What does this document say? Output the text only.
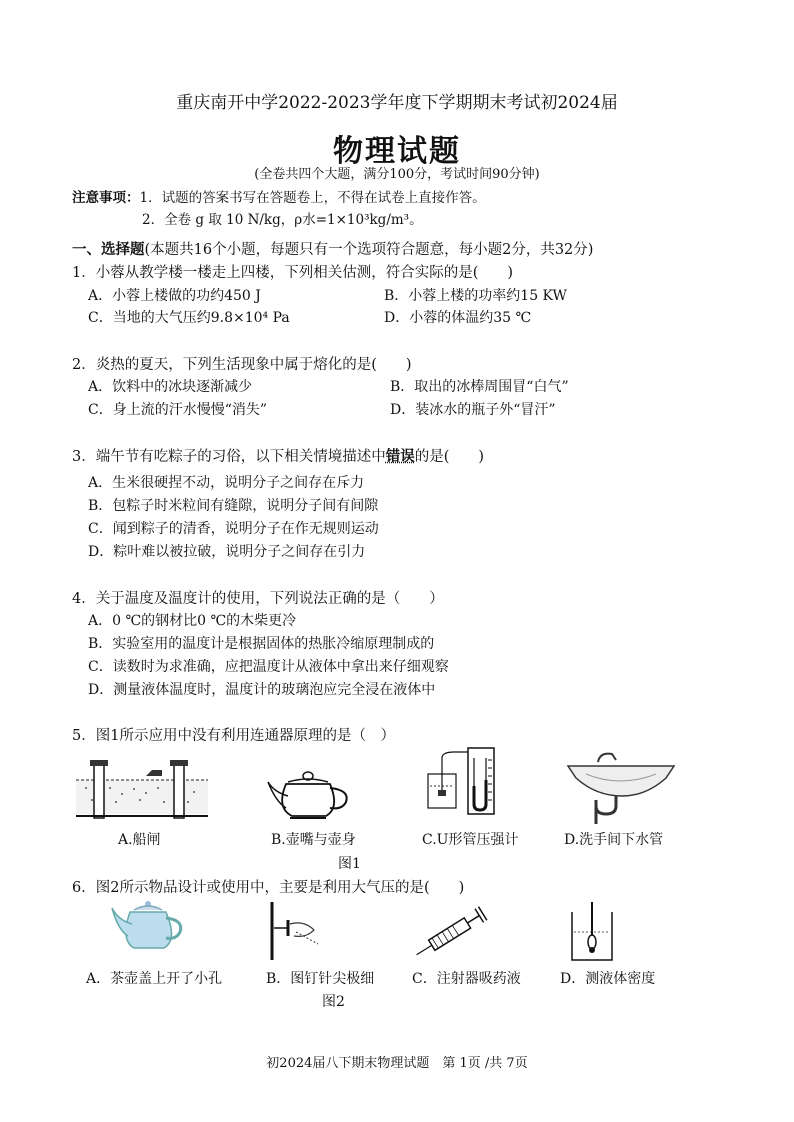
重庆南开中学2022-2023学年度下学期期末考试初2024届
物理试题
(全卷共四个大题，满分100分，考试时间90分钟)
注意事项：1．试题的答案书写在答题卷上，不得在试卷上直接作答。
2．全卷 g 取 10 N/kg，ρ水=1×10³kg/m³。
一、选择题(本题共16个小题，每题只有一个选项符合题意，每小题2分，共32分)
1．小蓉从教学楼一楼走上四楼，下列相关估测，符合实际的是(　　)
A．小蓉上楼做的功约450 J	B．小蓉上楼的功率约15 KW
C．当地的大气压约9.8×10⁴ Pa	D．小蓉的体温约35 ℃
2．炎热的夏天，下列生活现象中属于熔化的是(　　)
A．饮料中的冰块逐渐减少	B．取出的冰棒周围冒“白气”
C．身上流的汗水慢慢“消失”	D．装冰水的瓶子外“冒汗”
3．端午节有吃粽子的习俗，以下相关情境描述中错误的是(　　)
A．生米很硬捏不动，说明分子之间存在斥力
B．包粽子时米粒间有缝隙，说明分子间有间隙
C．闻到粽子的清香，说明分子在作无规则运动
D．粽叶难以被拉破，说明分子之间存在引力
4．关于温度及温度计的使用，下列说法正确的是（　　）
A．0 ℃的钢材比0 ℃的木柴更冷
B．实验室用的温度计是根据固体的热胀冷缩原理制成的
C．读数时为求准确，应把温度计从液体中拿出来仔细观察
D．测量液体温度时，温度计的玻璃泡应完全浸在液体中
5．图1所示应用中没有利用连通器原理的是（　）
A.船闸	B.壶嘴与壶身	C.U形管压强计	D.洗手间下水管
图1
6．图2所示物品设计或使用中，主要是利用大气压的是(　　)
A．茶壶盖上开了小孔	B．图钉针尖极细	C．注射器吸药液	D．测液体密度
图2
初2024届八下期末物理试题　第 1页 /共 7页
